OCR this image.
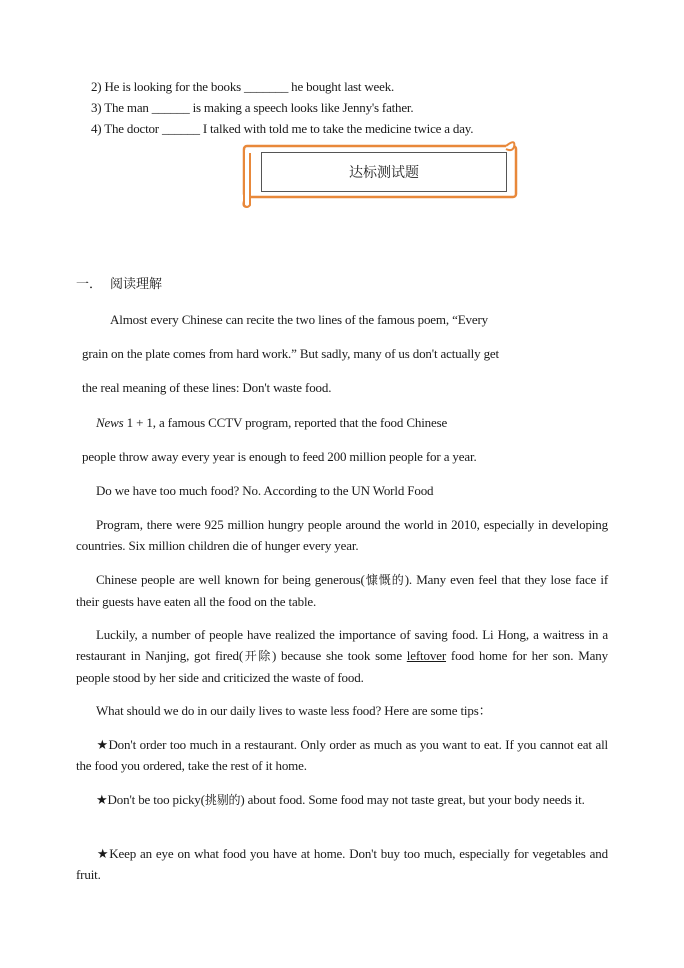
2) He is looking for the books _______ he bought last week.
3) The man ______ is making a speech looks like Jenny's father.
4) The doctor ______ I talked with told me to take the medicine twice a day.
达标测试题
一． 阅读理解
Almost every Chinese can recite the two lines of the famous poem, “Every
grain on the plate comes from hard work.” But sadly, many of us don't actually get
the real meaning of these lines: Don't waste food.
News 1 + 1, a famous CCTV program, reported that the food Chinese
people throw away every year is enough to feed 200 million people for a year.
Do we have too much food? No. According to the UN World Food
Program, there were 925 million hungry people around the world in 2010, especially in developing countries. Six million children die of hunger every year.
Chinese people are well known for being generous(慷慨的). Many even feel that they lose face if their guests have eaten all the food on the table.
Luckily, a number of people have realized the importance of saving food. Li Hong, a waitress in a restaurant in Nanjing, got fired(开除) because she took some leftover food home for her son. Many people stood by her side and criticized the waste of food.
What should we do in our daily lives to waste less food? Here are some tips：
★Don't order too much in a restaurant. Only order as much as you want to eat. If you cannot eat all the food you ordered, take the rest of it home.
★Don't be too picky(挑剔的) about food. Some food may not taste great, but your body needs it.
★Keep an eye on what food you have at home. Don't buy too much, especially for vegetables and fruit.
